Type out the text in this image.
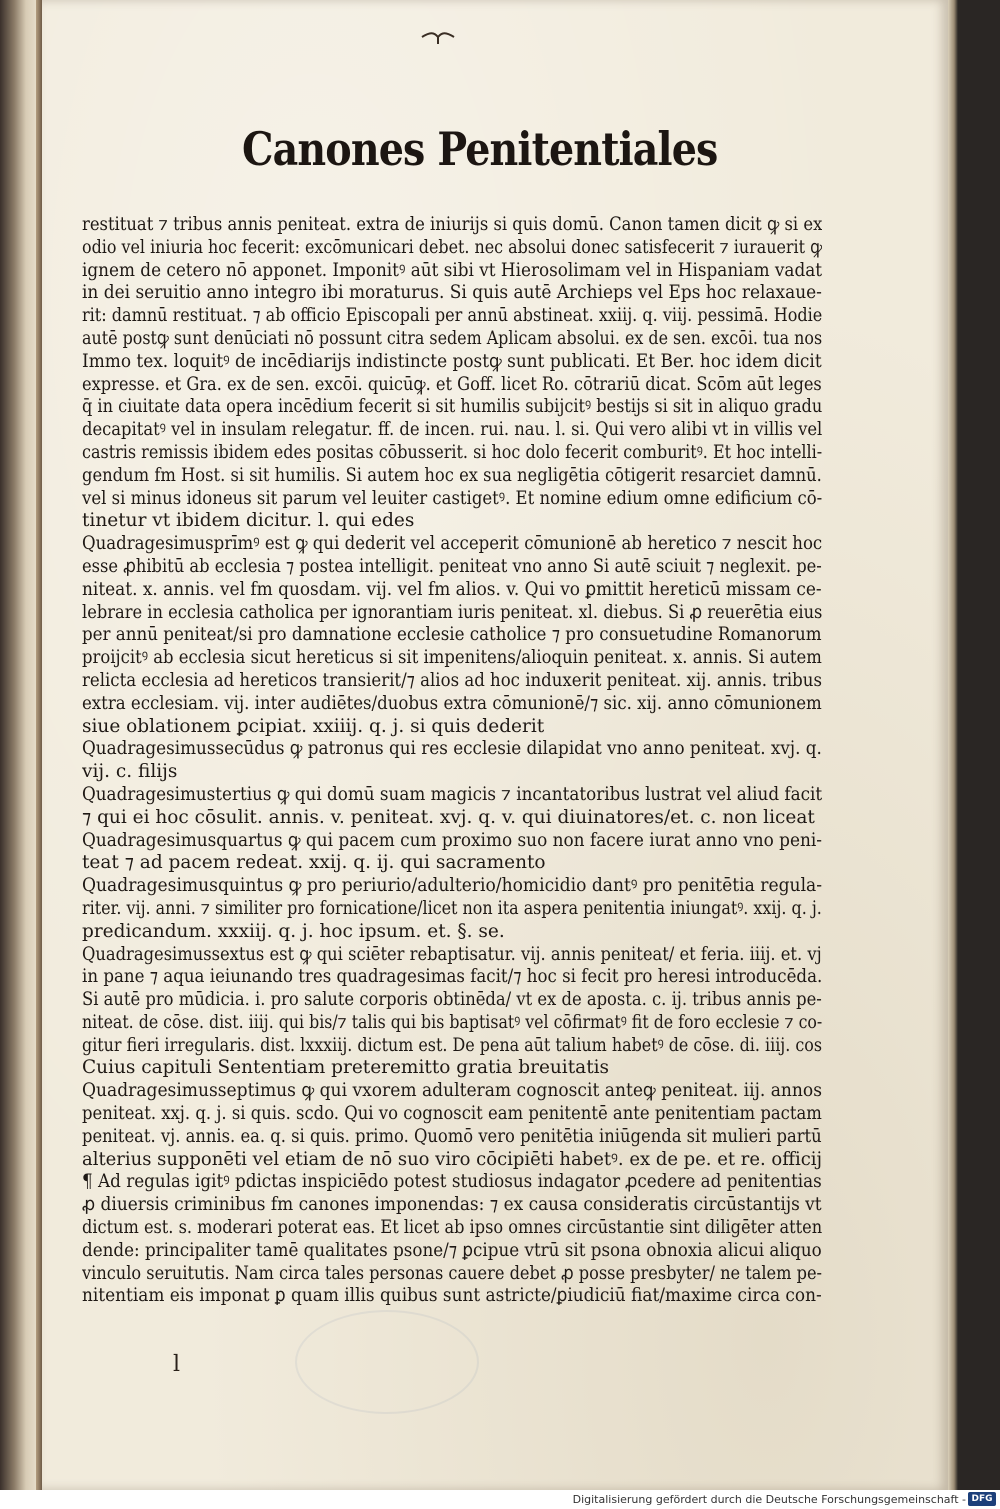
Canones Penitentiales
restituat ⁊ tribus annis peniteat. extra de iniurijs si quis domū. Canon tamen dicit ꝙ si ex
odio vel iniuria hoc fecerit: excōmunicari debet. nec absolui donec satisfecerit ⁊ iurauerit ꝙ
ignem de cetero nō apponet. Imponitꝰ aūt sibi vt Hierosolimam vel in Hispaniam vadat
in dei seruitio anno integro ibi moraturus. Si quis autē Archieps vel Eps hoc relaxaue-
rit: damnū restituat. ⁊ ab officio Episcopali per annū abstineat. xxiij. q. viij. pessimā. Hodie
autē postꝙ sunt denūciati nō possunt citra sedem Aplicam absolui. ex de sen. excōi. tua nos
Immo tex. loquitꝰ de incēdiarijs indistincte postꝙ sunt publicati. Et Ber. hoc idem dicit
expresse. et Gra. ex de sen. excōi. quicūꝙ. et Goff. licet Ro. cōtrariū dicat. Scōm aūt leges
q̄ in ciuitate data opera incēdium fecerit si sit humilis subijcitꝰ bestijs si sit in aliquo gradu
decapitatꝰ vel in insulam relegatur. ff. de incen. rui. nau. l. si. Qui vero alibi vt in villis vel
castris remissis ibidem edes positas cōbusserit. si hoc dolo fecerit comburitꝰ. Et hoc intelli-
gendum fm Host. si sit humilis. Si autem hoc ex sua negligētia cōtigerit resarciet damnū.
vel si minus idoneus sit parum vel leuiter castigetꝰ. Et nomine edium omne edificium cō-
tinetur vt ibidem dicitur. l. qui edes
Quadragesimusprīmꝰ est ꝙ qui dederit vel acceperit cōmunionē ab heretico ⁊ nescit hoc
esse ꝓhibitū ab ecclesia ⁊ postea intelligit. peniteat vno anno Si autē sciuit ⁊ neglexit. pe-
niteat. x. annis. vel fm quosdam. vij. vel fm alios. v. Qui vo ꝑmittit hereticū missam ce-
lebrare in ecclesia catholica per ignorantiam iuris peniteat. xl. diebus. Si ꝓ reuerētia eius
per annū peniteat/si pro damnatione ecclesie catholice ⁊ pro consuetudine Romanorum
proijcitꝰ ab ecclesia sicut hereticus si sit impenitens/alioquin peniteat. x. annis. Si autem
relicta ecclesia ad hereticos transierit/⁊ alios ad hoc induxerit peniteat. xij. annis. tribus
extra ecclesiam. vij. inter audiētes/duobus extra cōmunionē/⁊ sic. xij. anno cōmunionem
siue oblationem ꝑcipiat. xxiiij. q. j. si quis dederit
Quadragesimussecūdus ꝙ patronus qui res ecclesie dilapidat vno anno peniteat. xvj. q.
vij. c. filijs
Quadragesimustertius ꝙ qui domū suam magicis ⁊ incantatoribus lustrat vel aliud facit
⁊ qui ei hoc cōsulit. annis. v. peniteat. xvj. q. v. qui diuinatores/et. c. non liceat
Quadragesimusquartus ꝙ qui pacem cum proximo suo non facere iurat anno vno peni-
teat ⁊ ad pacem redeat. xxij. q. ij. qui sacramento
Quadragesimusquintus ꝙ pro periurio/adulterio/homicidio dantꝰ pro penitētia regula-
riter. vij. anni. ⁊ similiter pro fornicatione/licet non ita aspera penitentia iniungatꝰ. xxij. q. j.
predicandum. xxxiij. q. j. hoc ipsum. et. §. se.
Quadragesimussextus est ꝙ qui sciēter rebaptisatur. vij. annis peniteat/ et feria. iiij. et. vj
in pane ⁊ aqua ieiunando tres quadragesimas facit/⁊ hoc si fecit pro heresi introducēda.
Si autē pro mūdicia. i. pro salute corporis obtinēda/ vt ex de aposta. c. ij. tribus annis pe-
niteat. de cōse. dist. iiij. qui bis/⁊ talis qui bis baptisatꝰ vel cōfirmatꝰ fit de foro ecclesie ⁊ co-
gitur fieri irregularis. dist. lxxxiij. dictum est. De pena aūt talium habetꝰ de cōse. di. iiij. cos
Cuius capituli Sententiam preteremitto gratia breuitatis
Quadragesimusseptimus ꝙ qui vxorem adulteram cognoscit anteꝙ peniteat. iij. annos
peniteat. xxj. q. j. si quis. scdo. Qui vo cognoscit eam penitentē ante penitentiam pactam
peniteat. vj. annis. ea. q. si quis. primo. Quomō vero penitētia iniūgenda sit mulieri partū
alterius supponēti vel etiam de nō suo viro cōcipiēti habetꝰ. ex de pe. et re. officij
¶ Ad regulas igitꝰ pdictas inspiciēdo potest studiosus indagator ꝓcedere ad penitentias
ꝓ diuersis criminibus fm canones imponendas: ⁊ ex causa consideratis circūstantijs vt
dictum est. s. moderari poterat eas. Et licet ab ipso omnes circūstantie sint diligēter atten
dende: principaliter tamē qualitates psone/⁊ ꝑcipue vtrū sit psona obnoxia alicui aliquo
vinculo seruitutis. Nam circa tales personas cauere debet ꝓ posse presbyter/ ne talem pe-
nitentiam eis imponat ꝑ quam illis quibus sunt astricte/ꝑiudiciū fiat/maxime circa con-
l
Digitalisierung gefördert durch die Deutsche Forschungsgemeinschaft - DFG
